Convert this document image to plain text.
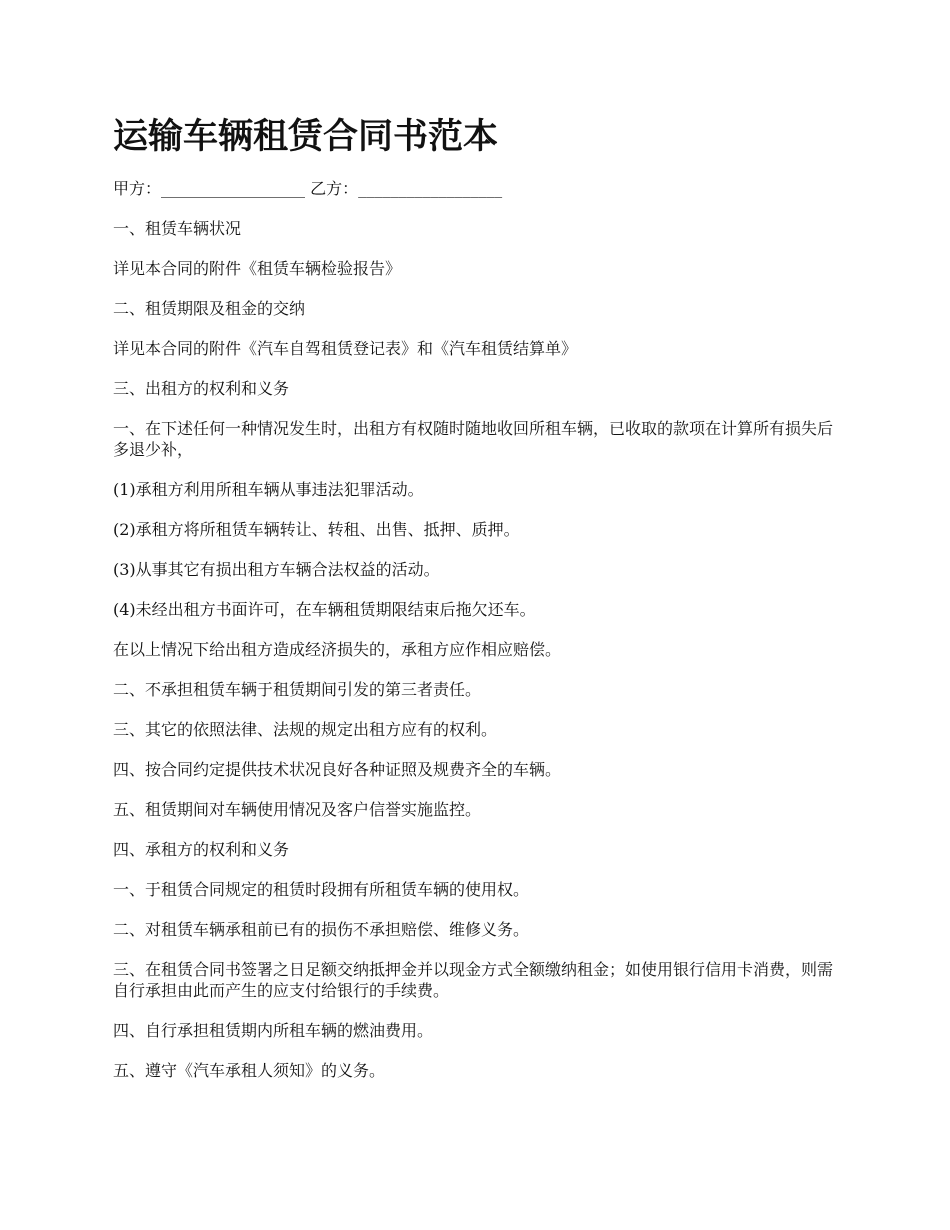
运输车辆租赁合同书范本

甲方：__________________ 乙方：__________________

一、租赁车辆状况

详见本合同的附件《租赁车辆检验报告》

二、租赁期限及租金的交纳

详见本合同的附件《汽车自驾租赁登记表》和《汽车租赁结算单》

三、出租方的权利和义务

一、在下述任何一种情况发生时，出租方有权随时随地收回所租车辆，已收取的款项在计算所有损失后多退少补，

(1)承租方利用所租车辆从事违法犯罪活动。

(2)承租方将所租赁车辆转让、转租、出售、抵押、质押。

(3)从事其它有损出租方车辆合法权益的活动。

(4)未经出租方书面许可，在车辆租赁期限结束后拖欠还车。

在以上情况下给出租方造成经济损失的，承租方应作相应赔偿。

二、不承担租赁车辆于租赁期间引发的第三者责任。

三、其它的依照法律、法规的规定出租方应有的权利。

四、按合同约定提供技术状况良好各种证照及规费齐全的车辆。

五、租赁期间对车辆使用情况及客户信誉实施监控。

四、承租方的权利和义务

一、于租赁合同规定的租赁时段拥有所租赁车辆的使用权。

二、对租赁车辆承租前已有的损伤不承担赔偿、维修义务。

三、在租赁合同书签署之日足额交纳抵押金并以现金方式全额缴纳租金；如使用银行信用卡消费，则需自行承担由此而产生的应支付给银行的手续费。

四、自行承担租赁期内所租车辆的燃油费用。

五、遵守《汽车承租人须知》的义务。
